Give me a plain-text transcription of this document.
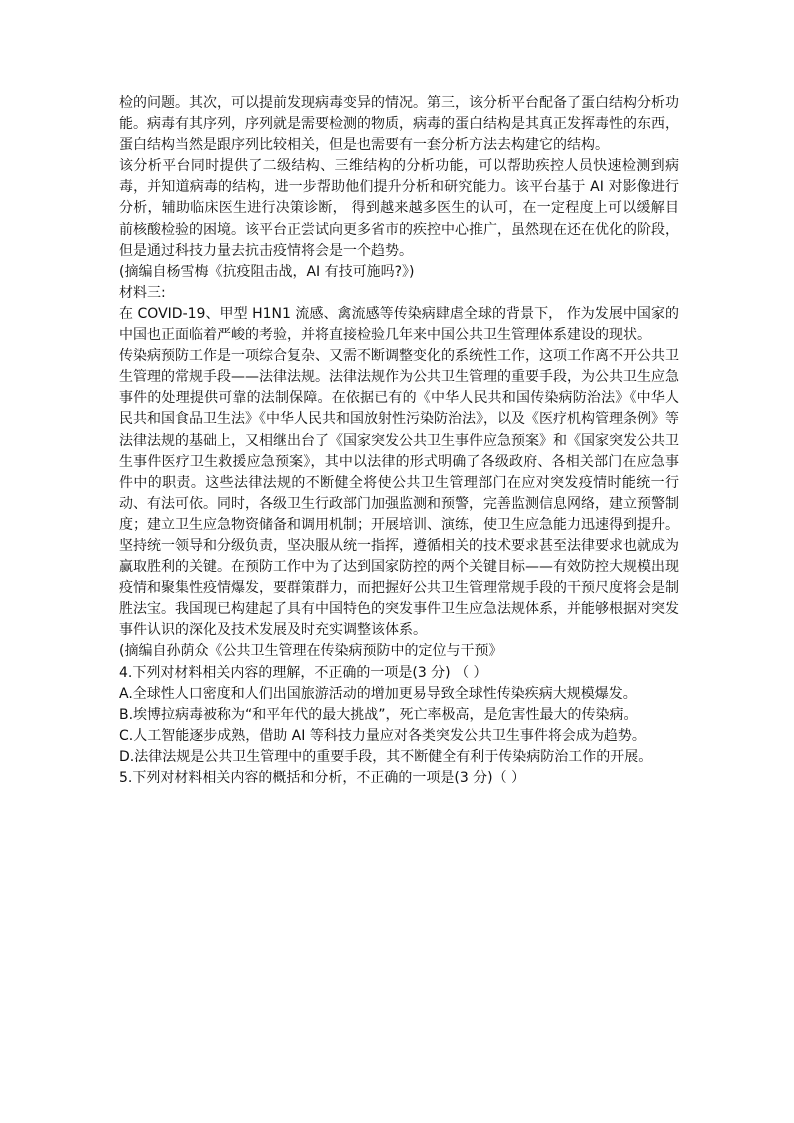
检的问题。其次，可以提前发现病毒变异的情况。第三，该分析平台配备了蛋白结构分析功能。病毒有其序列，序列就是需要检测的物质，病毒的蛋白结构是其真正发挥毒性的东西，蛋白结构当然是跟序列比较相关，但是也需要有一套分析方法去构建它的结构。

该分析平台同时提供了二级结构、三维结构的分析功能，可以帮助疾控人员快速检测到病毒，并知道病毒的结构，进一步帮助他们提升分析和研究能力。该平台基于 AI 对影像进行分析，辅助临床医生进行决策诊断， 得到越来越多医生的认可，在一定程度上可以缓解目前核酸检验的困境。该平台正尝试向更多省市的疾控中心推广，虽然现在还在优化的阶段，但是通过科技力量去抗击疫情将会是一个趋势。

(摘编自杨雪梅《抗疫阻击战，AI 有技可施吗?》)

材料三:

在 COVID-19、甲型 H1N1 流感、禽流感等传染病肆虐全球的背景下， 作为发展中国家的中国也正面临着严峻的考验，并将直接检验几年来中国公共卫生管理体系建设的现状。

传染病预防工作是一项综合复杂、又需不断调整变化的系统性工作，这项工作离不开公共卫生管理的常规手段——法律法规。法律法规作为公共卫生管理的重要手段，为公共卫生应急事件的处理提供可靠的法制保障。在依据已有的《中华人民共和国传染病防治法》《中华人民共和国食品卫生法》《中华人民共和国放射性污染防治法》，以及《医疗机构管理条例》等法律法规的基础上，又相继出台了《国家突发公共卫生事件应急预案》和《国家突发公共卫生事件医疗卫生救援应急预案》，其中以法律的形式明确了各级政府、各相关部门在应急事件中的职责。这些法律法规的不断健全将使公共卫生管理部门在应对突发疫情时能统一行动、有法可依。同时，各级卫生行政部门加强监测和预警，完善监测信息网络，建立预警制度；建立卫生应急物资储备和调用机制；开展培训、演练，使卫生应急能力迅速得到提升。

坚持统一领导和分级负责，坚决服从统一指挥，遵循相关的技术要求甚至法律要求也就成为赢取胜利的关键。在预防工作中为了达到国家防控的两个关键目标——有效防控大规模出现疫情和聚集性疫情爆发，要群策群力，而把握好公共卫生管理常规手段的干预尺度将会是制胜法宝。我国现已构建起了具有中国特色的突发事件卫生应急法规体系，并能够根据对突发事件认识的深化及技术发展及时充实调整该体系。

(摘编自孙荫众《公共卫生管理在传染病预防中的定位与干预》

4.下列对材料相关内容的理解，不正确的一项是(3 分) （ ）

A.全球性人口密度和人们出国旅游活动的增加更易导致全球性传染疾病大规模爆发。

B.埃博拉病毒被称为“和平年代的最大挑战”，死亡率极高，是危害性最大的传染病。

C.人工智能逐步成熟，借助 AI 等科技力量应对各类突发公共卫生事件将会成为趋势。

D.法律法规是公共卫生管理中的重要手段，其不断健全有利于传染病防治工作的开展。

5.下列对材料相关内容的概括和分析，不正确的一项是(3 分)（ ）
